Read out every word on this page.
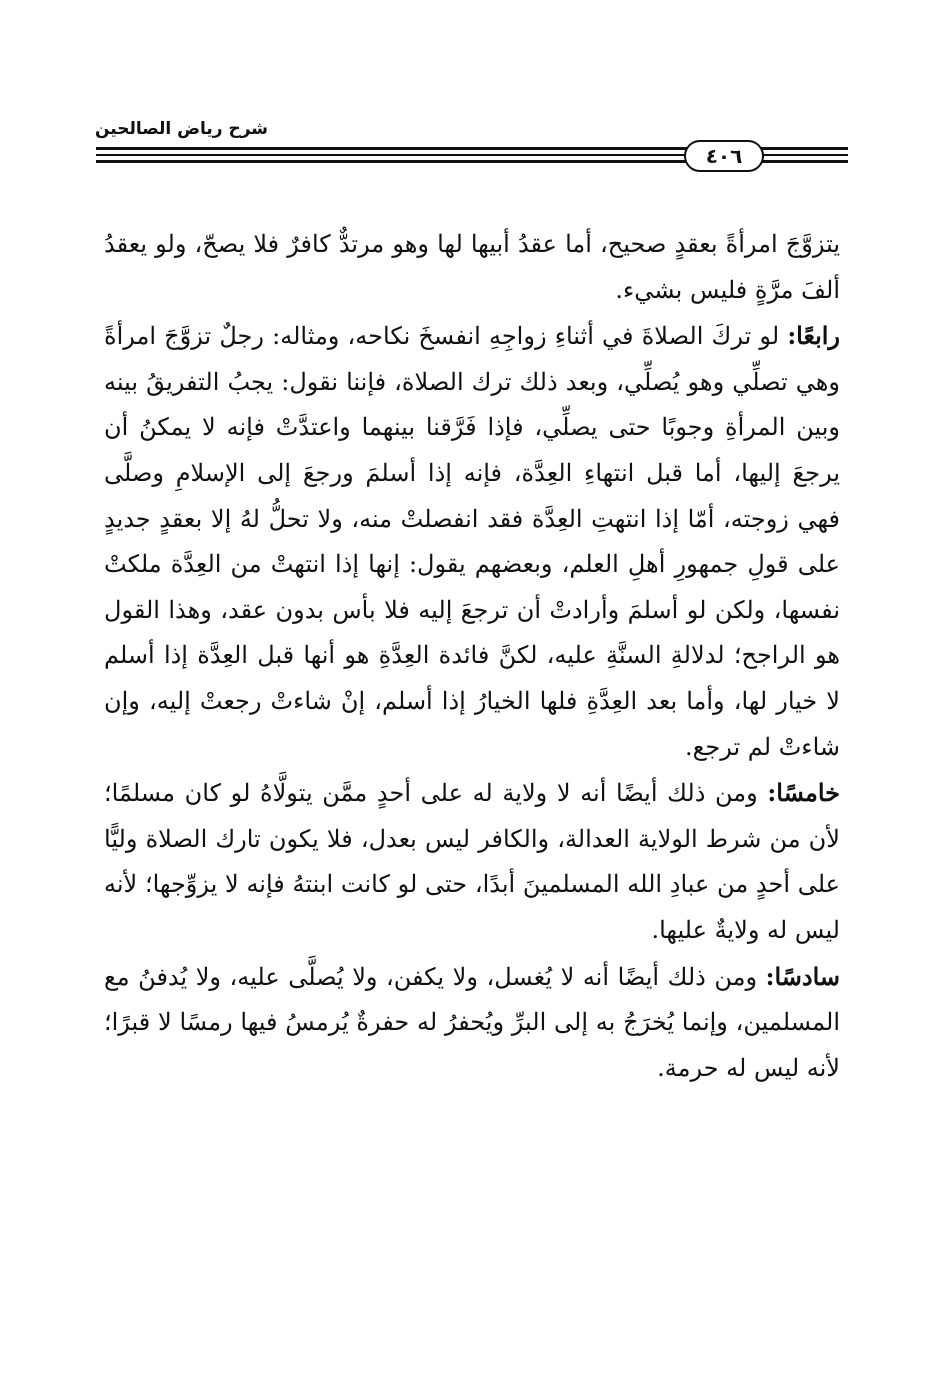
شرح رياض الصالحين
٤٠٦

يتزوَّجَ امرأةً بعقدٍ صحيح، أما عقدُ أبيها لها وهو مرتدٌّ كافرٌ فلا يصحّ، ولو يعقدُ ألفَ مرَّةٍ فليس بشيء.

رابعًا: لو تركَ الصلاةَ في أثناءِ زواجِهِ انفسخَ نكاحه، ومثاله: رجلٌ تزوَّجَ امرأةً وهي تصلِّي وهو يُصلِّي، وبعد ذلك ترك الصلاة، فإننا نقول: يجبُ التفريقُ بينه وبين المرأةِ وجوبًا حتى يصلِّي، فإذا فَرَّقنا بينهما واعتدَّتْ فإنه لا يمكنُ أن يرجعَ إليها، أما قبل انتهاءِ العِدَّة، فإنه إذا أسلمَ ورجعَ إلى الإسلامِ وصلَّى فهي زوجته، أمّا إذا انتهتِ العِدَّة فقد انفصلتْ منه، ولا تحلُّ لهُ إلا بعقدٍ جديدٍ على قولِ جمهورِ أهلِ العلم، وبعضهم يقول: إنها إذا انتهتْ من العِدَّة ملكتْ نفسها، ولكن لو أسلمَ وأرادتْ أن ترجعَ إليه فلا بأس بدون عقد، وهذا القول هو الراجح؛ لدلالةِ السنَّةِ عليه، لكنَّ فائدة العِدَّةِ هو أنها قبل العِدَّة إذا أسلم لا خيار لها، وأما بعد العِدَّةِ فلها الخيارُ إذا أسلم، إنْ شاءتْ رجعتْ إليه، وإن شاءتْ لم ترجع.

خامسًا: ومن ذلك أيضًا أنه لا ولاية له على أحدٍ ممَّن يتولَّاهُ لو كان مسلمًا؛ لأن من شرط الولاية العدالة، والكافر ليس بعدل، فلا يكون تارك الصلاة وليًّا على أحدٍ من عبادِ الله المسلمينَ أبدًا، حتى لو كانت ابنتهُ فإنه لا يزوِّجها؛ لأنه ليس له ولايةٌ عليها.

سادسًا: ومن ذلك أيضًا أنه لا يُغسل، ولا يكفن، ولا يُصلَّى عليه، ولا يُدفنُ مع المسلمين، وإنما يُخرَجُ به إلى البرِّ ويُحفرُ له حفرةٌ يُرمسُ فيها رمسًا لا قبرًا؛ لأنه ليس له حرمة.
